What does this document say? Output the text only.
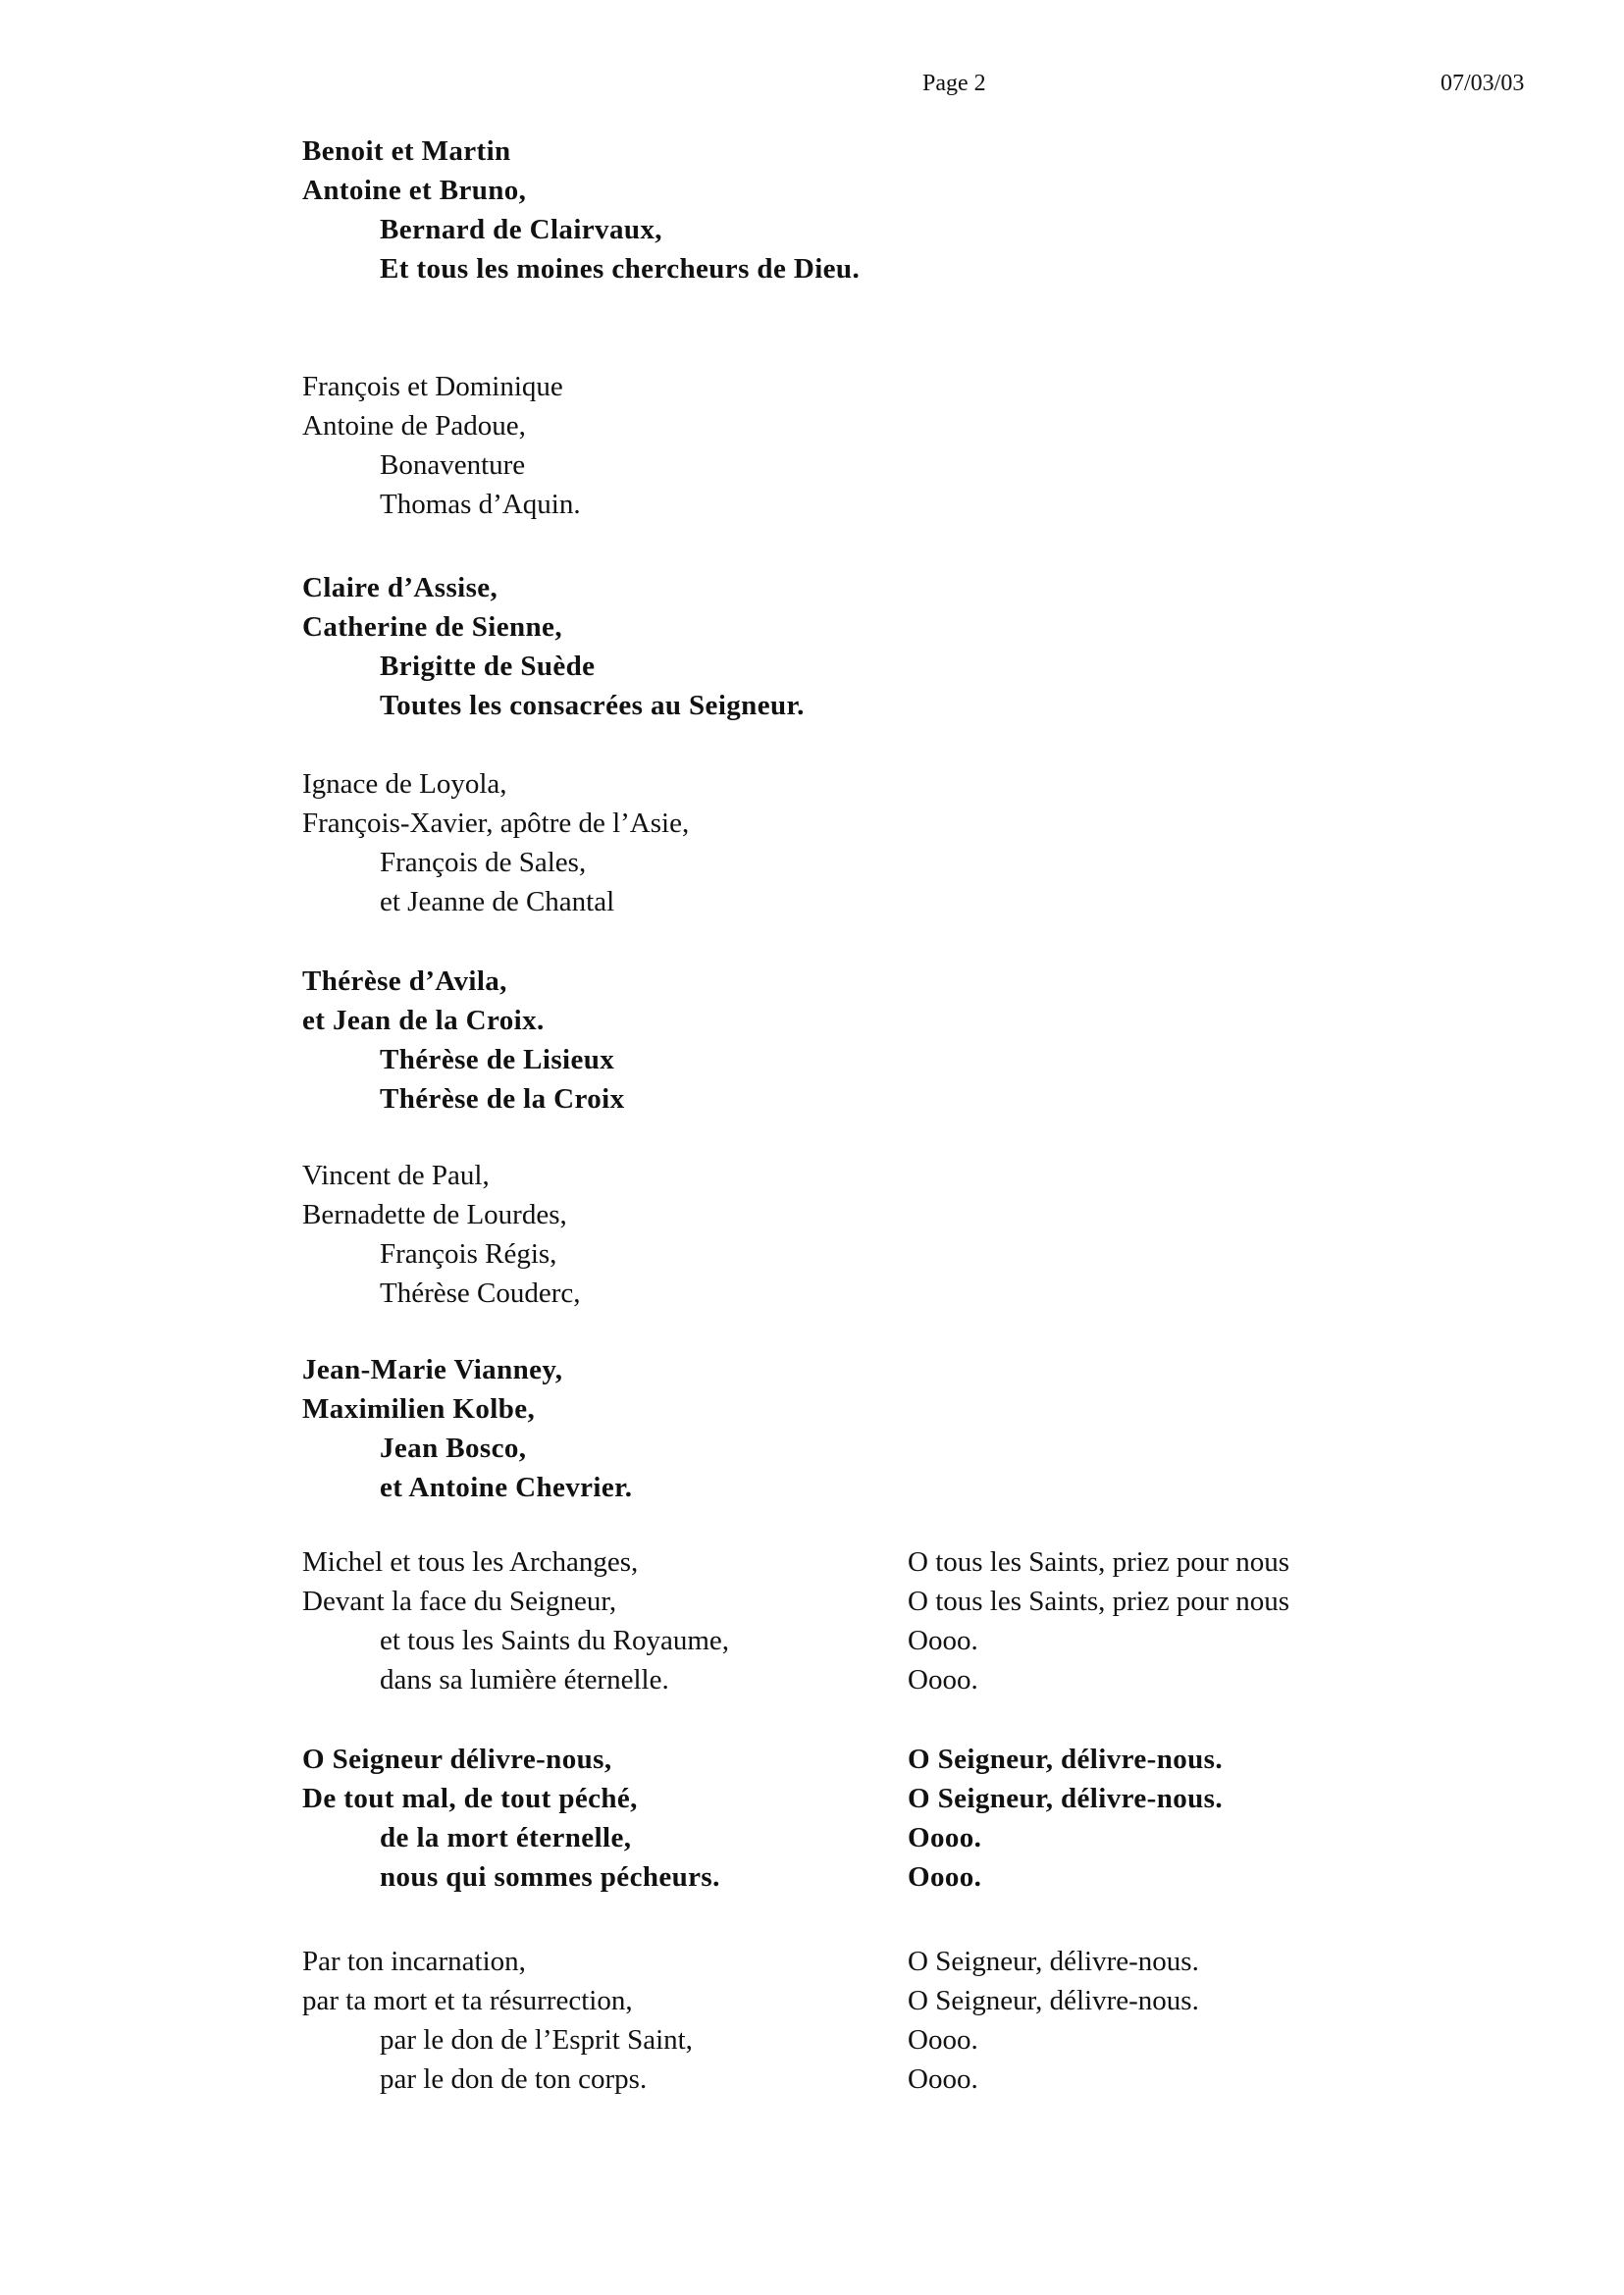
Page 2	07/03/03
Benoit et Martin
Antoine et Bruno,
Bernard de Clairvaux,
Et tous les moines chercheurs de Dieu.
François et Dominique
Antoine de Padoue,
Bonaventure
Thomas d’Aquin.
Claire d’Assise,
Catherine de Sienne,
Brigitte de Suède
Toutes les consacrées au Seigneur.
Ignace de Loyola,
François-Xavier, apôtre de l’Asie,
François de Sales,
et Jeanne de Chantal
Thérèse d’Avila,
et Jean de la Croix.
Thérèse de Lisieux
Thérèse de la Croix
Vincent de Paul,
Bernadette de Lourdes,
François Régis,
Thérèse Couderc,
Jean-Marie Vianney,
Maximilien Kolbe,
Jean Bosco,
et Antoine Chevrier.
Michel et tous les Archanges,
Devant la face du Seigneur,
et tous les Saints du Royaume,
dans sa lumière éternelle.
O tous les Saints, priez pour nous
O tous les Saints, priez pour nous
Oooo.
Oooo.
O Seigneur délivre-nous,
De tout mal, de tout péché,
de la mort éternelle,
nous qui sommes pécheurs.
O Seigneur, délivre-nous.
O Seigneur, délivre-nous.
Oooo.
Oooo.
Par ton incarnation,
par ta mort et ta résurrection,
par le don de l’Esprit Saint,
par le don de ton corps.
O Seigneur, délivre-nous.
O Seigneur, délivre-nous.
Oooo.
Oooo.
